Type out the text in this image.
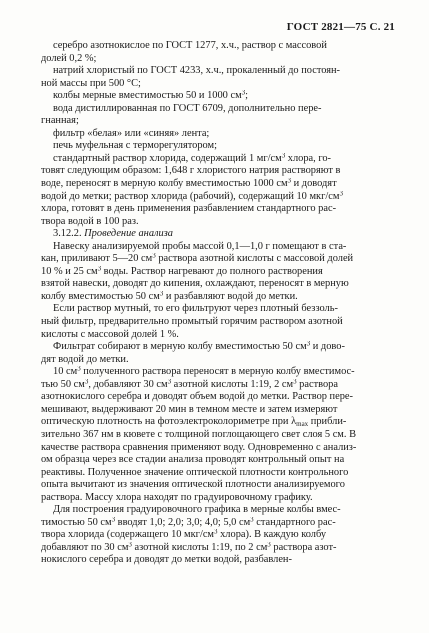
ГОСТ 2821—75 С. 21
серебро азотнокислое по ГОСТ 1277, х.ч., раствор с массовой
долей 0,2 %;
натрий хлористый по ГОСТ 4233, х.ч., прокаленный до постоян-
ной массы при 500 °С;
колбы мерные вместимостью 50 и 1000 $см^3$;
вода дистиллированная по ГОСТ 6709, дополнительно пере-
гнанная;
фильтр «белая» или «синяя» лента;
печь муфельная с терморегулятором;
стандартный раствор хлорида, содержащий 1 $мг/см^3$ хлора, го-
товят следующим образом: 1,648 г хлористого натрия растворяют в
воде, переносят в мерную колбу вместимостью 1000 $см^3$ и доводят
водой до метки; раствор хлорида (рабочий), содержащий 10 мкг/$см^3$
хлора, готовят в день применения разбавлением стандартного рас-
твора водой в 100 раз.
3.12.2. Проведение анализа
Навеску анализируемой пробы массой 0,1—1,0 г помещают в ста-
кан, приливают 5—20 $см^3$ раствора азотной кислоты с массовой долей
10 % и 25 $см^3$ воды. Раствор нагревают до полного растворения
взятой навески, доводят до кипения, охлаждают, переносят в мерную
колбу вместимостью 50 $см^3$ и разбавляют водой до метки.
Если раствор мутный, то его фильтруют через плотный беззоль-
ный фильтр, предварительно промытый горячим раствором азотной
кислоты с массовой долей 1 %.
Фильтрат собирают в мерную колбу вместимостью 50 $см^3$ и дово-
дят водой до метки.
10 $см^3$ полученного раствора переносят в мерную колбу вместимос-
тью 50 $см^3$, добавляют 30 $см^3$ азотной кислоты 1:19, 2 $см^3$ раствора
азотнокислого серебра и доводят объем водой до метки. Раствор пере-
мешивают, выдерживают 20 мин в темном месте и затем измеряют
оптическую плотность на фотоэлектроколориметре при $\lambda_{max}$ прибли-
зительно 367 нм в кювете с толщиной поглощающего свет слоя 5 см. В
качестве раствора сравнения применяют воду. Одновременно с анализ-
ом образца через все стадии анализа проводят контрольный опыт на
реактивы. Полученное значение оптической плотности контрольного
опыта вычитают из значения оптической плотности анализируемого
раствора. Массу хлора находят по градуировочному графику.
Для построения градуировочного графика в мерные колбы вмес-
тимостью 50 $см^3$ вводят 1,0; 2,0; 3,0; 4,0; 5,0 $см^3$ стандартного рас-
твора хлорида (содержащего 10 мкг/$см^3$ хлора). В каждую колбу
добавляют по 30 $см^3$ азотной кислоты 1:19, по 2 $см^3$ раствора азот-
нокислого серебра и доводят до метки водой, разбавлен-
